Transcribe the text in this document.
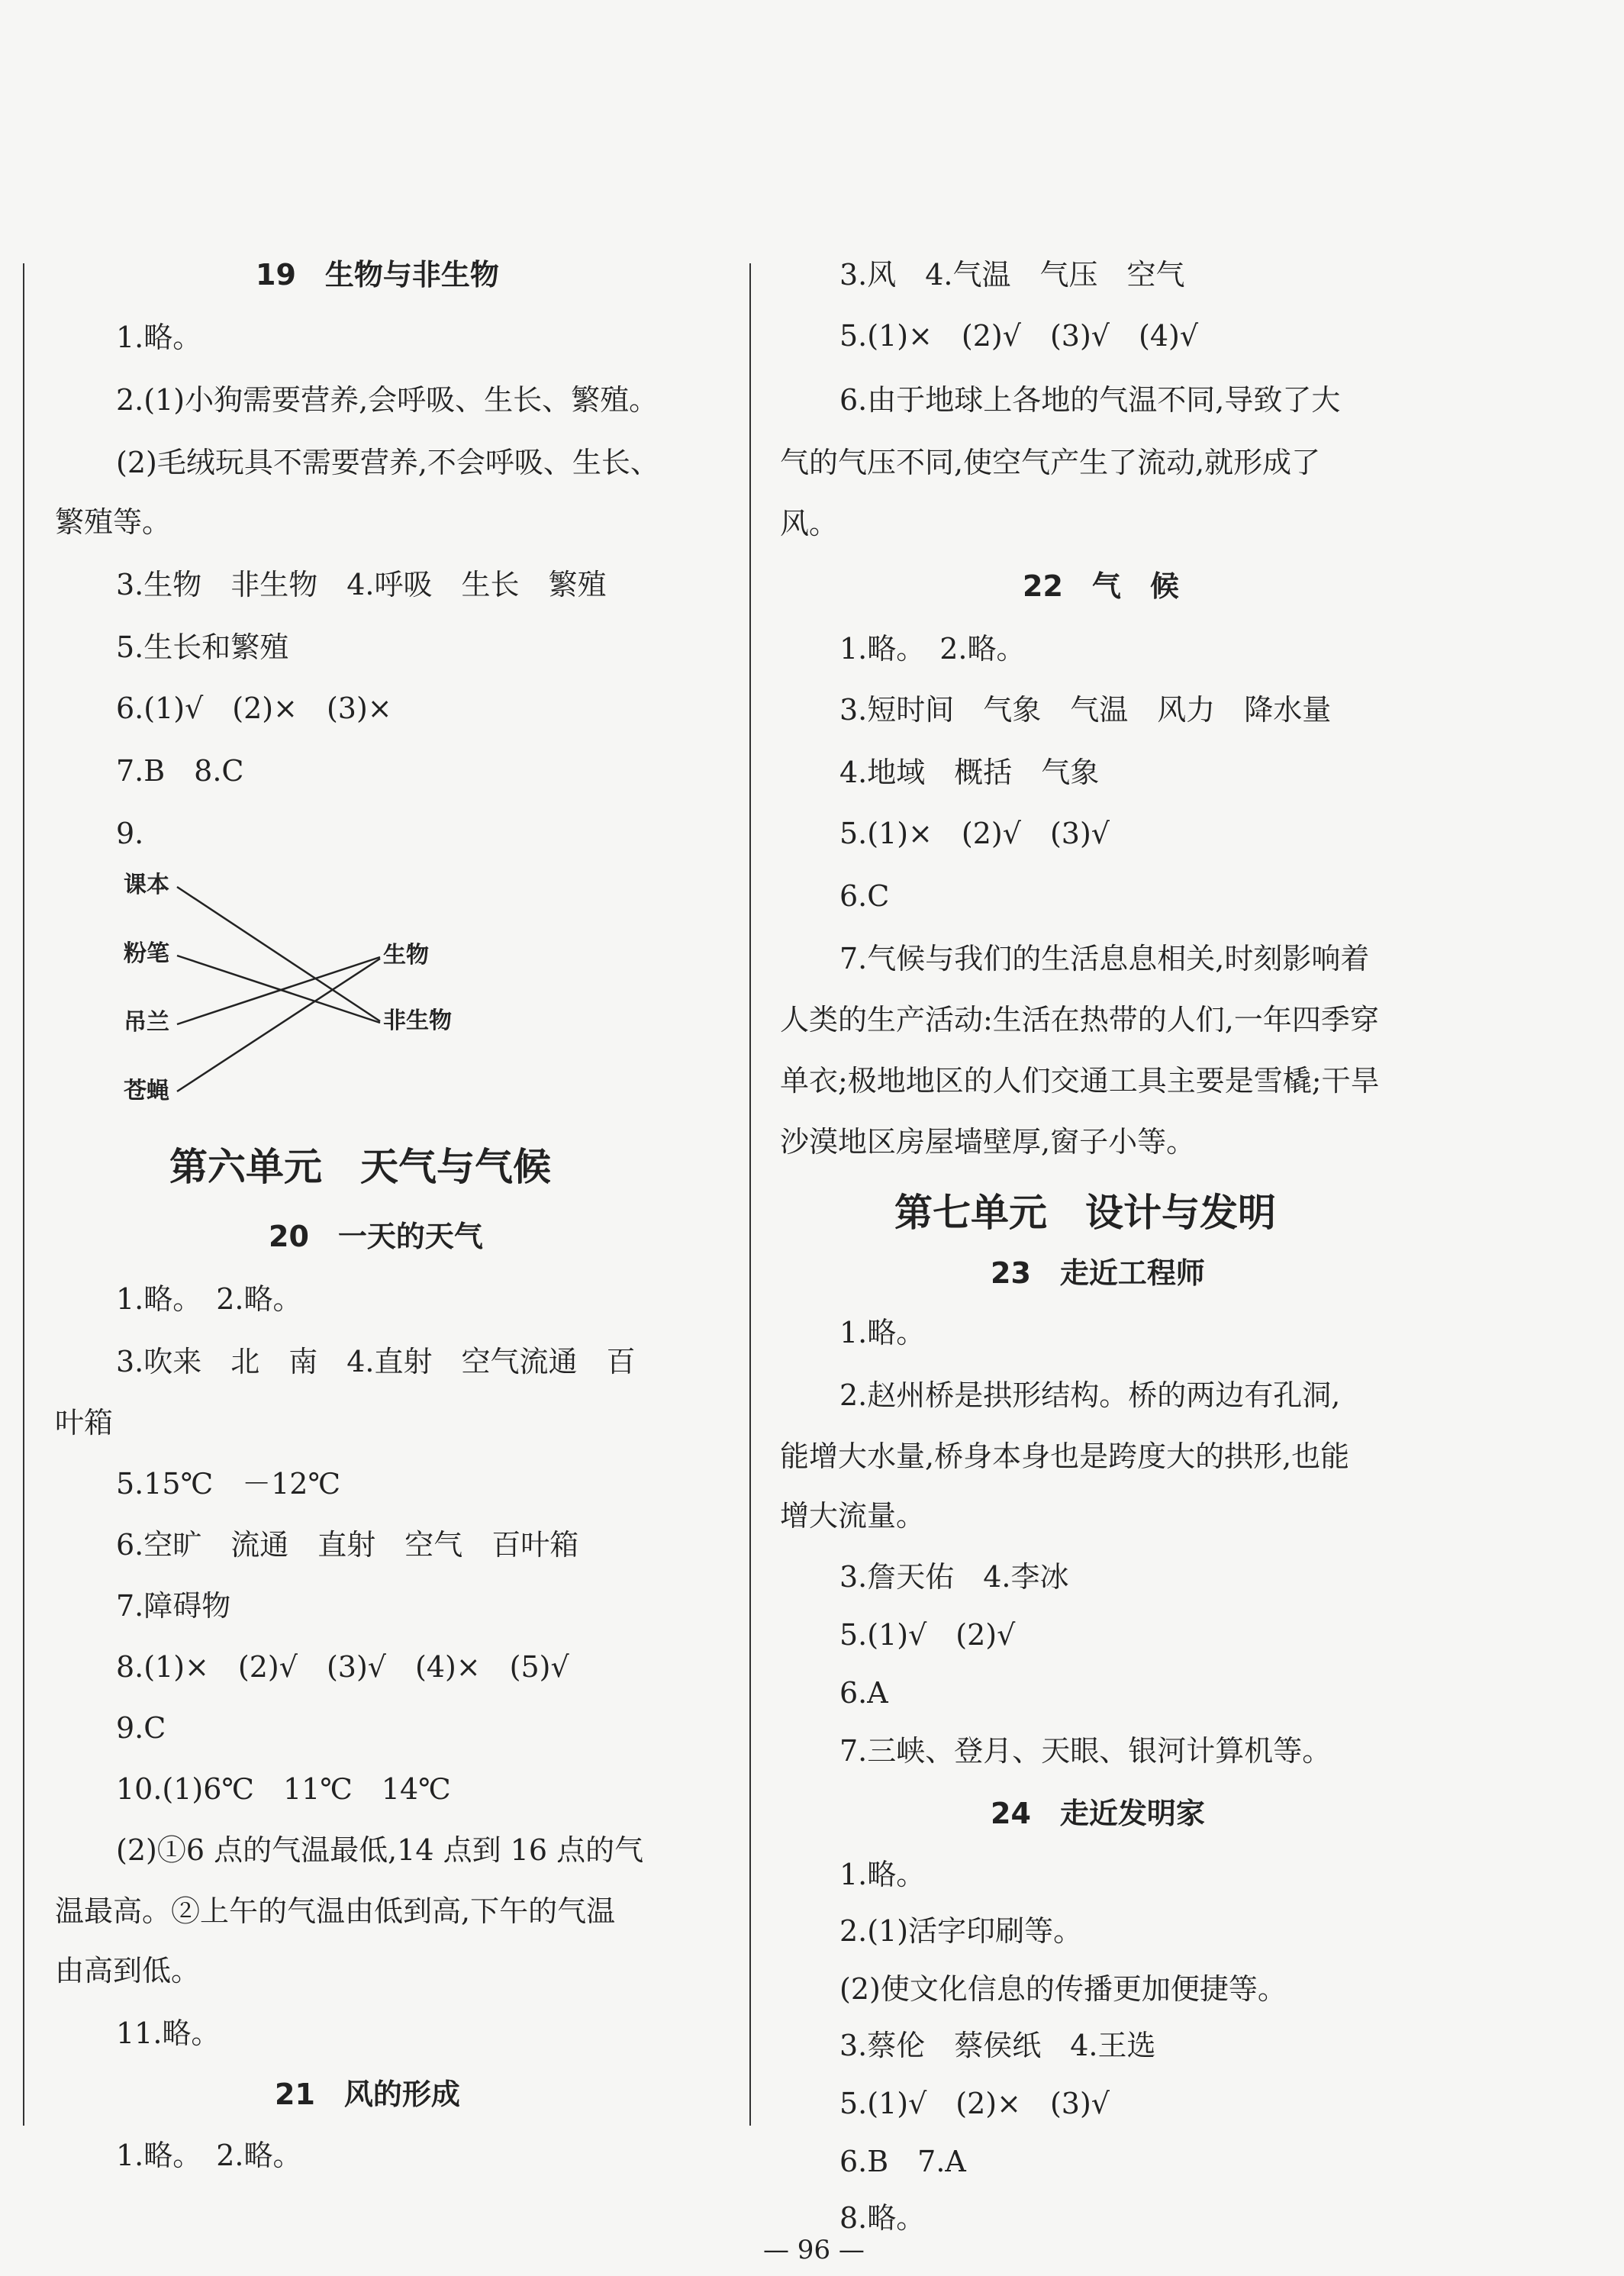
19　生物与非生物
1.略。
2.(1)小狗需要营养,会呼吸、生长、繁殖。
(2)毛绒玩具不需要营养,不会呼吸、生长、
繁殖等。
3.生物　非生物　4.呼吸　生长　繁殖
5.生长和繁殖
6.(1)√　(2)×　(3)×
7.B　8.C
9.
课本
粉笔
吊兰
苍蝇
生物
非生物
第六单元　天气与气候
20　一天的天气
1.略。　2.略。
3.吹来　北　南　4.直射　空气流通　百
叶箱
5.15℃　－12℃
6.空旷　流通　直射　空气　百叶箱
7.障碍物
8.(1)×　(2)√　(3)√　(4)×　(5)√
9.C
10.(1)6℃　11℃　14℃
(2)①6 点的气温最低,14 点到 16 点的气
温最高。②上午的气温由低到高,下午的气温
由高到低。
11.略。
21　风的形成
1.略。　2.略。
3.风　4.气温　气压　空气
5.(1)×　(2)√　(3)√　(4)√
6.由于地球上各地的气温不同,导致了大
气的气压不同,使空气产生了流动,就形成了
风。
22　气　候
1.略。　2.略。
3.短时间　气象　气温　风力　降水量
4.地域　概括　气象
5.(1)×　(2)√　(3)√
6.C
7.气候与我们的生活息息相关,时刻影响着
人类的生产活动:生活在热带的人们,一年四季穿
单衣;极地地区的人们交通工具主要是雪橇;干旱
沙漠地区房屋墙壁厚,窗子小等。
第七单元　设计与发明
23　走近工程师
1.略。
2.赵州桥是拱形结构。桥的两边有孔洞,
能增大水量,桥身本身也是跨度大的拱形,也能
增大流量。
3.詹天佑　4.李冰
5.(1)√　(2)√
6.A
7.三峡、登月、天眼、银河计算机等。
24　走近发明家
1.略。
2.(1)活字印刷等。
(2)使文化信息的传播更加便捷等。
3.蔡伦　蔡侯纸　4.王选
5.(1)√　(2)×　(3)√
6.B　7.A
8.略。
— 96 —
